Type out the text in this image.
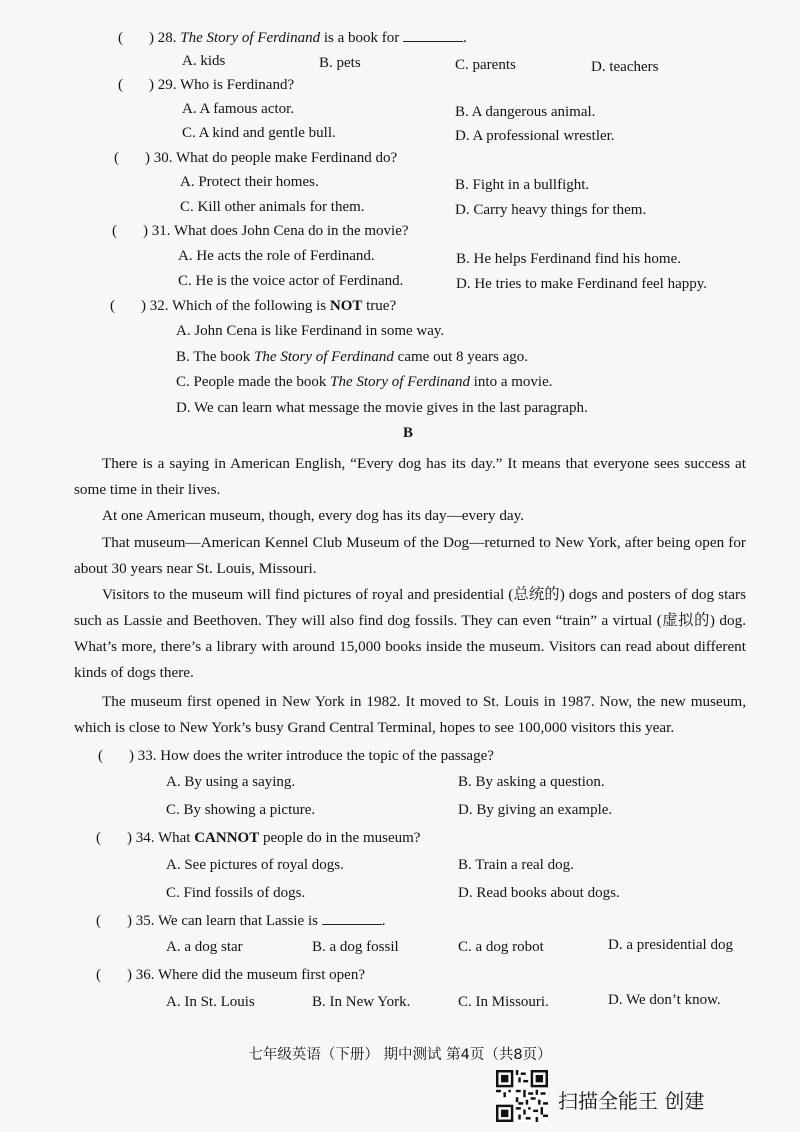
( ) 28. The Story of Ferdinand is a book for	.
A. kids	B. pets	C. parents	D. teachers
( ) 29. Who is Ferdinand?
A. A famous actor.	B. A dangerous animal.
C. A kind and gentle bull.	D. A professional wrestler.
( ) 30. What do people make Ferdinand do?
A. Protect their homes.	B. Fight in a bullfight.
C. Kill other animals for them.	D. Carry heavy things for them.
( ) 31. What does John Cena do in the movie?
A. He acts the role of Ferdinand.	B. He helps Ferdinand find his home.
C. He is the voice actor of Ferdinand.	D. He tries to make Ferdinand feel happy.
( ) 32. Which of the following is NOT true?
A. John Cena is like Ferdinand in some way.
B. The book The Story of Ferdinand came out 8 years ago.
C. People made the book The Story of Ferdinand into a movie.
D. We can learn what message the movie gives in the last paragraph.
B
There is a saying in American English, “Every dog has its day.” It means that everyone sees success at some time in their lives.
At one American museum, though, every dog has its day—every day.
That museum—American Kennel Club Museum of the Dog—returned to New York, after being open for about 30 years near St. Louis, Missouri.
Visitors to the museum will find pictures of royal and presidential (总统的) dogs and posters of dog stars such as Lassie and Beethoven. They will also find dog fossils. They can even “train” a virtual (虚拟的) dog. What’s more, there’s a library with around 15,000 books inside the museum. Visitors can read about different kinds of dogs there.
The museum first opened in New York in 1982. It moved to St. Louis in 1987. Now, the new museum, which is close to New York’s busy Grand Central Terminal, hopes to see 100,000 visitors this year.
( ) 33. How does the writer introduce the topic of the passage?
A. By using a saying.	B. By asking a question.
C. By showing a picture.	D. By giving an example.
( ) 34. What CANNOT people do in the museum?
A. See pictures of royal dogs.	B. Train a real dog.
C. Find fossils of dogs.	D. Read books about dogs.
( ) 35. We can learn that Lassie is	.
A. a dog star	B. a dog fossil	C. a dog robot	D. a presidential dog
( ) 36. Where did the museum first open?
A. In St. Louis	B. In New York.	C. In Missouri.	D. We don’t know.
七年级英语（下册） 期中测试 第4页（共8页）
扫描全能王 创建
